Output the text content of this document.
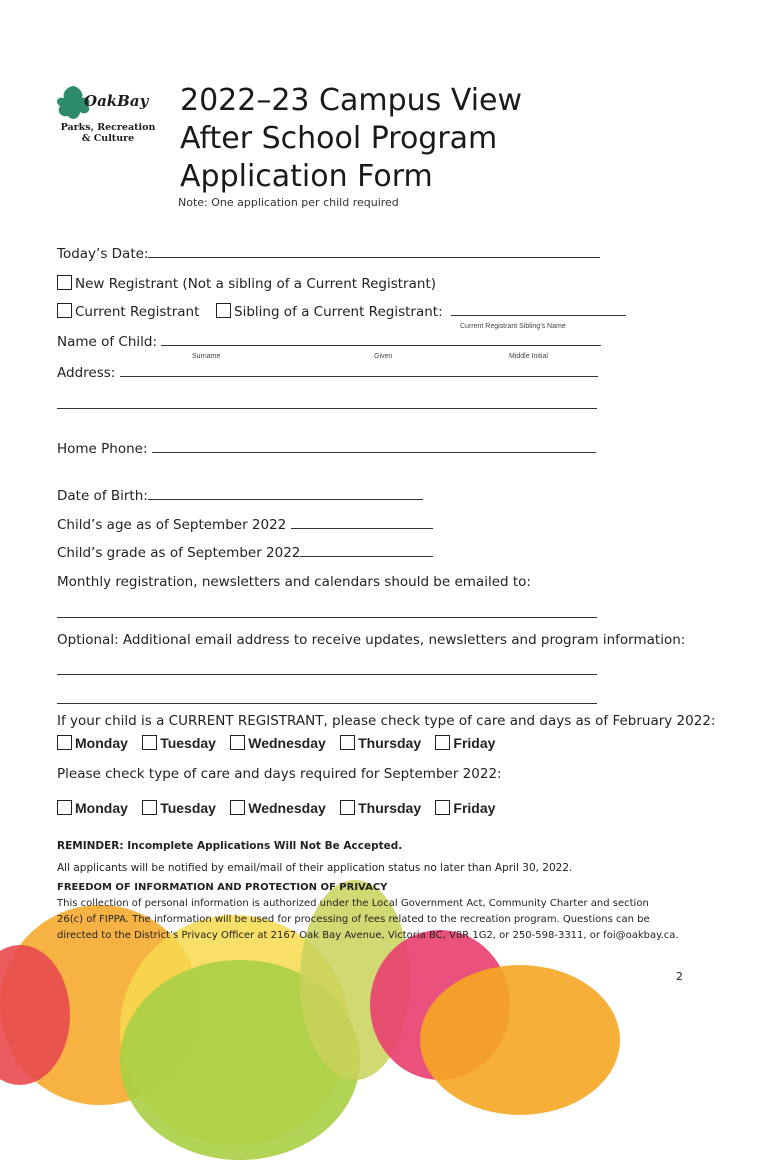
OakBay
Parks, Recreation
& Culture
2022–23 Campus View
After School Program
Application Form
Note: One application per child required
Today’s Date:
New Registrant (Not a sibling of a Current Registrant)
Current Registrant	Sibling of a Current Registrant:
Current Registrant Sibling’s Name
Name of Child:
Surname	Given	Middle Initial
Address:
Home Phone:
Date of Birth:
Child’s age as of September 2022
Child’s grade as of September 2022
Monthly registration, newsletters and calendars should be emailed to:
Optional: Additional email address to receive updates, newsletters and program information:
If your child is a CURRENT REGISTRANT, please check type of care and days as of February 2022:
Monday Tuesday Wednesday Thursday Friday
Please check type of care and days required for September 2022:
Monday Tuesday Wednesday Thursday Friday
REMINDER: Incomplete Applications Will Not Be Accepted.
All applicants will be notified by email/mail of their application status no later than April 30, 2022.
FREEDOM OF INFORMATION AND PROTECTION OF PRIVACY
This collection of personal information is authorized under the Local Government Act, Community Charter and section
26(c) of FIPPA. The information will be used for processing of fees related to the recreation program. Questions can be
directed to the District’s Privacy Officer at 2167 Oak Bay Avenue, Victoria BC, V8R 1G2, or 250-598-3311, or foi@oakbay.ca.
2
